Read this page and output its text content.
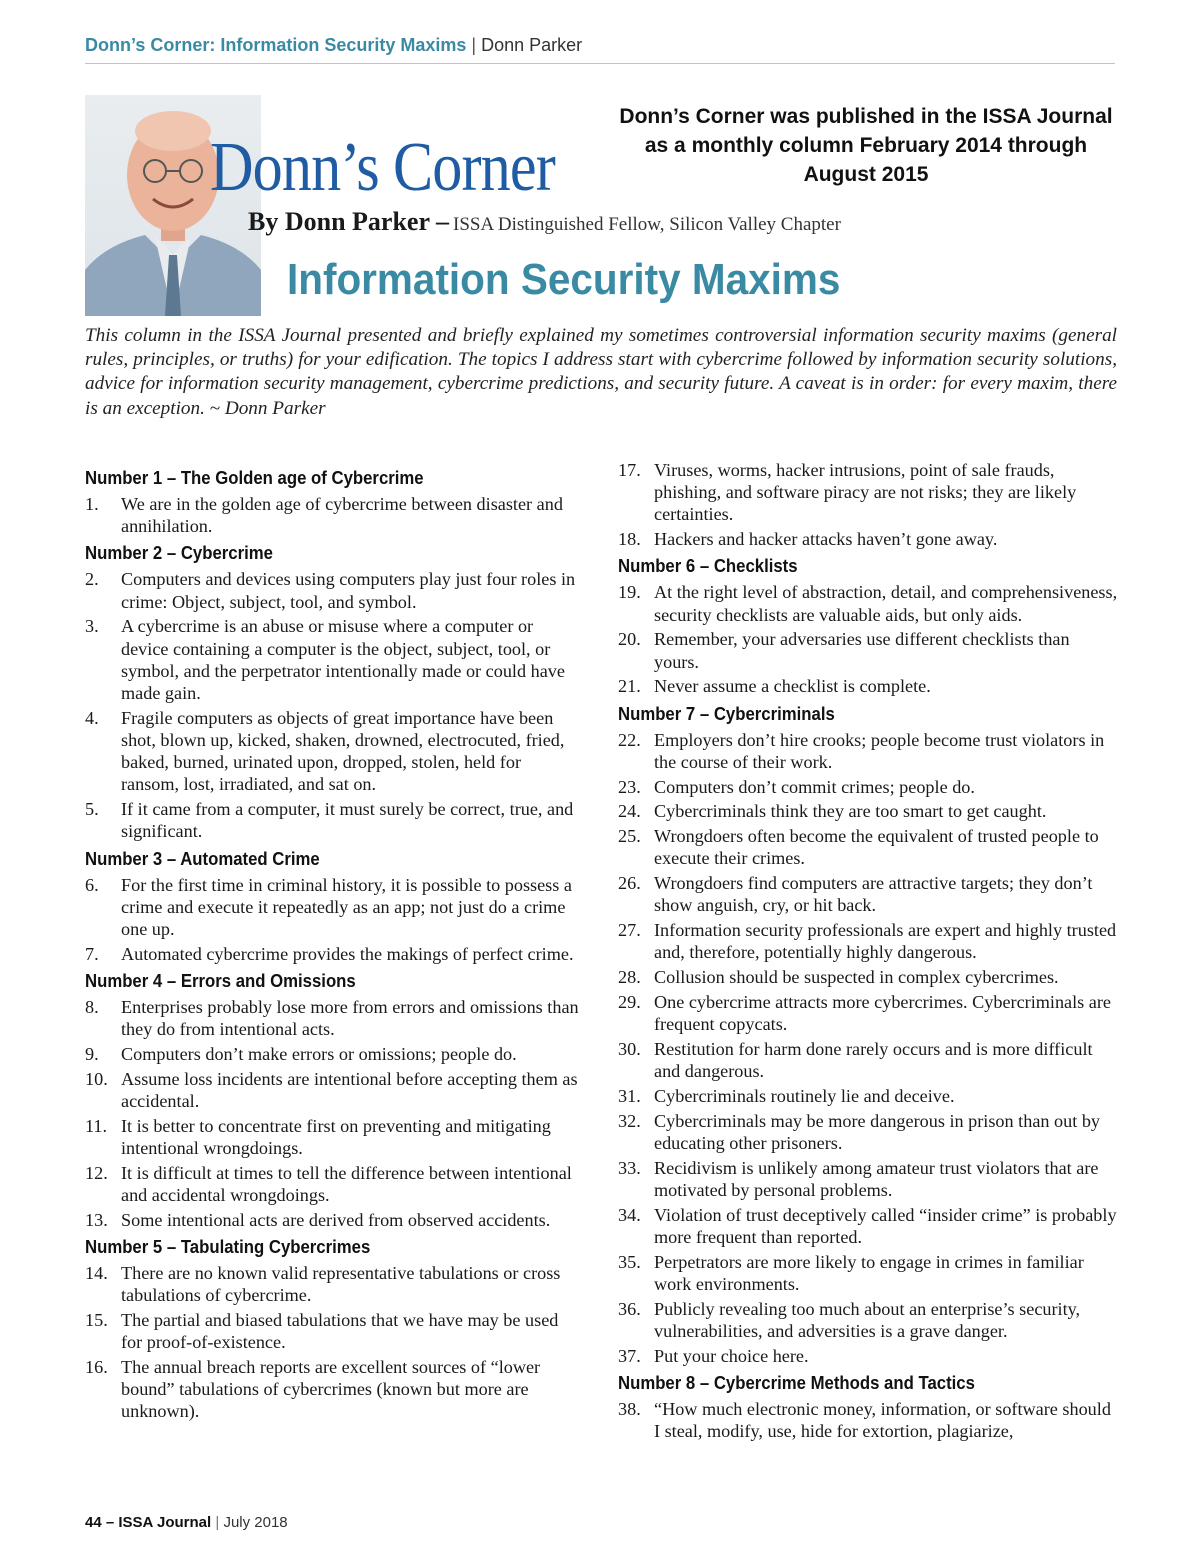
Donn’s Corner: Information Security Maxims | Donn Parker
Donn’s Corner
By Donn Parker – ISSA Distinguished Fellow, Silicon Valley Chapter
Donn’s Corner was published in the ISSA Journal as a monthly column February 2014 through August 2015
Information Security Maxims
This column in the ISSA Journal presented and briefly explained my sometimes controversial information security maxims (general rules, principles, or truths) for your edification. The topics I address start with cybercrime followed by information security solutions, advice for information security management, cybercrime predictions, and security future. A caveat is in order: for every maxim, there is an exception. ~ Donn Parker
Number 1 – The Golden age of Cybercrime
1.	We are in the golden age of cybercrime between disaster and annihilation.
Number 2 – Cybercrime
2.	Computers and devices using computers play just four roles in crime: Object, subject, tool, and symbol.
3.	A cybercrime is an abuse or misuse where a computer or device containing a computer is the object, subject, tool, or symbol, and the perpetrator intentionally made or could have made gain.
4.	Fragile computers as objects of great importance have been shot, blown up, kicked, shaken, drowned, electrocuted, fried, baked, burned, urinated upon, dropped, stolen, held for ransom, lost, irradiated, and sat on.
5.	If it came from a computer, it must surely be correct, true, and significant.
Number 3 – Automated Crime
6.	For the first time in criminal history, it is possible to possess a crime and execute it repeatedly as an app; not just do a crime one up.
7.	Automated cybercrime provides the makings of perfect crime.
Number 4 – Errors and Omissions
8.	Enterprises probably lose more from errors and omissions than they do from intentional acts.
9.	Computers don’t make errors or omissions; people do.
10. Assume loss incidents are intentional before accepting them as accidental.
11. It is better to concentrate first on preventing and mitigating intentional wrongdoings.
12. It is difficult at times to tell the difference between intentional and accidental wrongdoings.
13. Some intentional acts are derived from observed accidents.
Number 5 – Tabulating Cybercrimes
14. There are no known valid representative tabulations or cross tabulations of cybercrime.
15. The partial and biased tabulations that we have may be used for proof-of-existence.
16. The annual breach reports are excellent sources of “lower bound” tabulations of cybercrimes (known but more are unknown).
17. Viruses, worms, hacker intrusions, point of sale frauds, phishing, and software piracy are not risks; they are likely certainties.
18. Hackers and hacker attacks haven’t gone away.
Number 6 – Checklists
19. At the right level of abstraction, detail, and comprehensiveness, security checklists are valuable aids, but only aids.
20. Remember, your adversaries use different checklists than yours.
21. Never assume a checklist is complete.
Number 7 – Cybercriminals
22. Employers don’t hire crooks; people become trust violators in the course of their work.
23. Computers don’t commit crimes; people do.
24. Cybercriminals think they are too smart to get caught.
25. Wrongdoers often become the equivalent of trusted people to execute their crimes.
26. Wrongdoers find computers are attractive targets; they don’t show anguish, cry, or hit back.
27. Information security professionals are expert and highly trusted and, therefore, potentially highly dangerous.
28. Collusion should be suspected in complex cybercrimes.
29. One cybercrime attracts more cybercrimes. Cybercriminals are frequent copycats.
30. Restitution for harm done rarely occurs and is more difficult and dangerous.
31. Cybercriminals routinely lie and deceive.
32. Cybercriminals may be more dangerous in prison than out by educating other prisoners.
33. Recidivism is unlikely among amateur trust violators that are motivated by personal problems.
34. Violation of trust deceptively called “insider crime” is probably more frequent than reported.
35. Perpetrators are more likely to engage in crimes in familiar work environments.
36. Publicly revealing too much about an enterprise’s security, vulnerabilities, and adversities is a grave danger.
37. Put your choice here.
Number 8 – Cybercrime Methods and Tactics
38. “How much electronic money, information, or software should I steal, modify, use, hide for extortion, plagiarize,
44 – ISSA Journal | July 2018
